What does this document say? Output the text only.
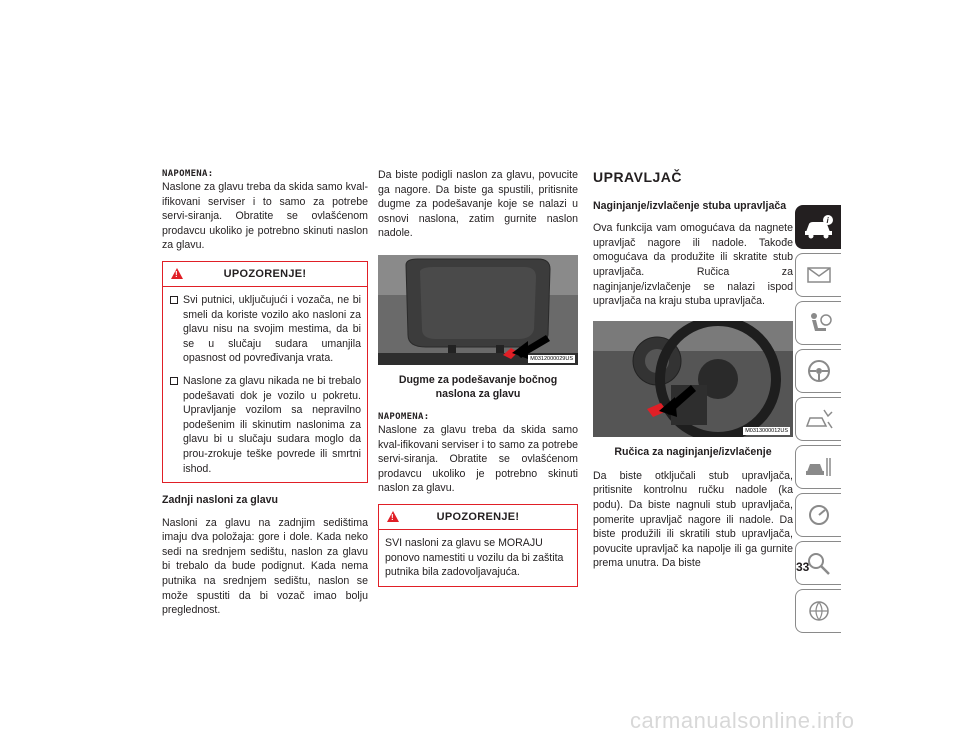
NAPOMENA:

Naslone za glavu treba da skida samo kval-ifikovani serviser i to samo za potrebe servi-siranja. Obratite se ovlašćenom prodavcu ukoliko je potrebno skinuti naslon za glavu.

!	UPOZORENJE!
Svi putnici, uključujući i vozača, ne bi smeli da koriste vozilo ako nasloni za glavu nisu na svojim mestima, da bi se u slučaju sudara umanjila opasnost od povređivanja vrata.
Naslone za glavu nikada ne bi trebalo podešavati dok je vozilo u pokretu. Upravljanje vozilom sa nepravilno podešenim ili skinutim naslonima za glavu bi u slučaju sudara moglo da prou-zrokuje teške povrede ili smrtni ishod.
Zadnji nasloni za glavu

Nasloni za glavu na zadnjim sedištima imaju dva položaja: gore i dole. Kada neko sedi na srednjem sedištu, naslon za glavu bi trebalo da bude podignut. Kada nema putnika na srednjem sedištu, naslon se može spustiti da bi vozač imao bolju preglednost.

Da biste podigli naslon za glavu, povucite ga nagore. Da biste ga spustili, pritisnite dugme za podešavanje koje se nalazi u osnovi naslona, zatim gurnite naslon nadole.

M0312000029US
Dugme za podešavanje bočnog naslona za glavu
NAPOMENA:

Naslone za glavu treba da skida samo kval-ifikovani serviser i to samo za potrebe servi-siranja. Obratite se ovlašćenom prodavcu ukoliko je potrebno skinuti naslon za glavu.

!	UPOZORENJE!
SVI nasloni za glavu se MORAJU ponovo namestiti u vozilu da bi zaštita putnika bila zadovoljavajuća.
UPRAVLJAČ
Naginjanje/izvlačenje stuba upravljača

Ova funkcija vam omogućava da nagnete upravljač nagore ili nadole. Takođe omogućava da produžite ili skratite stub upravljača. Ručica za naginjanje/izvlačenje se nalazi ispod upravljača na kraju stuba upravljača.

M0313000012US
Ručica za naginjanje/izvlačenje

Da biste otključali stub upravljača, pritisnite kontrolnu ručku nadole (ka podu). Da biste nagnuli stub upravljača, pomerite upravljač nagore ili nadole. Da biste produžili ili skratili stub upravljača, povucite upravljač ka napolje ili ga gurnite prema unutra. Da biste

i
33
carmanualsonline.info
